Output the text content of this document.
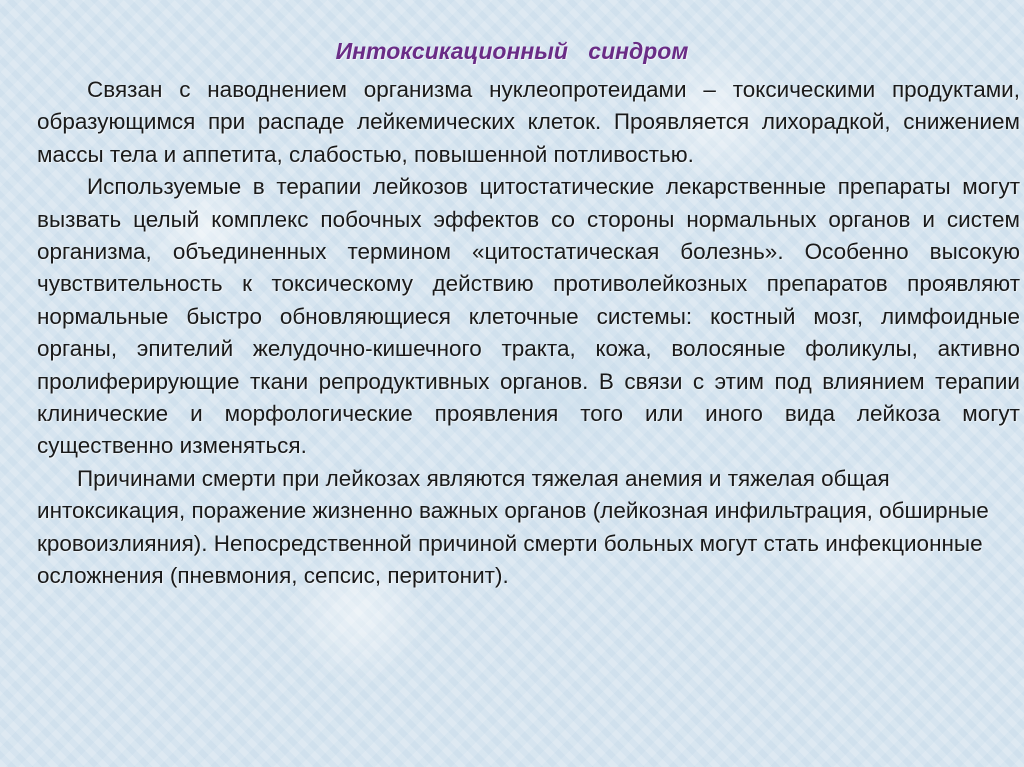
Интоксикационный синдром

Связан с наводнением организма нуклеопротеидами – токсическими продуктами, образующимся при распаде лейкемических клеток. Проявляется лихорадкой, снижением массы тела и аппетита, слабостью, повышенной потливостью.

Используемые в терапии лейкозов цитостатические лекарственные препараты могут вызвать целый комплекс побочных эффектов со стороны нормальных органов и систем организма, объединенных термином «цитостатическая болезнь». Особенно высокую чувствительность к токсическому действию противолейкозных препаратов проявляют нормальные быстро обновляющиеся клеточные системы: костный мозг, лимфоидные органы, эпителий желудочно-кишечного тракта, кожа, волосяные фоликулы, активно пролиферирующие ткани репродуктивных органов. В связи с этим под влиянием терапии клинические и морфологические проявления того или иного вида лейкоза могут существенно изменяться.

Причинами смерти при лейкозах являются тяжелая анемия и тяжелая общая интоксикация, поражение жизненно важных органов (лейкозная инфильтрация, обширные кровоизлияния). Непосредственной причиной смерти больных могут стать инфекционные осложнения (пневмония, сепсис, перитонит).
